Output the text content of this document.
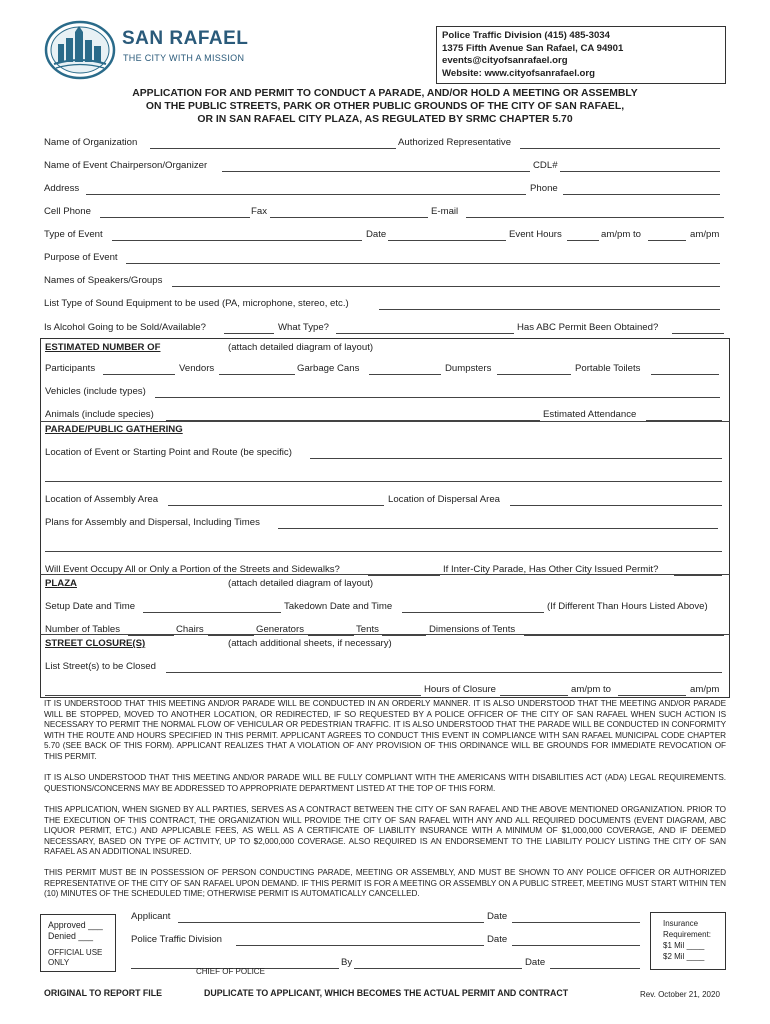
SAN RAFAEL
THE CITY WITH A MISSION
Police Traffic Division (415) 485-3034
1375 Fifth Avenue San Rafael, CA 94901
events@cityofsanrafael.org
Website: www.cityofsanrafael.org
APPLICATION FOR AND PERMIT TO CONDUCT A PARADE, AND/OR HOLD A MEETING OR ASSEMBLY
ON THE PUBLIC STREETS, PARK OR OTHER PUBLIC GROUNDS OF THE CITY OF SAN RAFAEL,
OR IN SAN RAFAEL CITY PLAZA, AS REGULATED BY SRMC CHAPTER 5.70
Name of Organization	Authorized Representative
Name of Event Chairperson/Organizer	CDL#
Address	Phone
Cell Phone	Fax	E-mail
Type of Event	Date	Event Hours	am/pm to	am/pm
Purpose of Event
Names of Speakers/Groups
List Type of Sound Equipment to be used (PA, microphone, stereo, etc.)
Is Alcohol Going to be Sold/Available?	What Type?	Has ABC Permit Been Obtained?
ESTIMATED NUMBER OF	(attach detailed diagram of layout)
Participants	Vendors	Garbage Cans	Dumpsters	Portable Toilets
Vehicles (include types)
Animals (include species)	Estimated Attendance
PARADE/PUBLIC GATHERING
Location of Event or Starting Point and Route (be specific)
Location of Assembly Area	Location of Dispersal Area
Plans for Assembly and Dispersal, Including Times
Will Event Occupy All or Only a Portion of the Streets and Sidewalks?	If Inter-City Parade, Has Other City Issued Permit?
PLAZA	(attach detailed diagram of layout)
Setup Date and Time	Takedown Date and Time	(If Different Than Hours Listed Above)
Number of Tables	Chairs	Generators	Tents	Dimensions of Tents
STREET CLOSURE(S)	(attach additional sheets, if necessary)
List Street(s) to be Closed
Hours of Closure	am/pm to	am/pm
IT IS UNDERSTOOD THAT THIS MEETING AND/OR PARADE WILL BE CONDUCTED IN AN ORDERLY MANNER. IT IS ALSO UNDERSTOOD THAT THE MEETING AND/OR PARADE WILL BE STOPPED, MOVED TO ANOTHER LOCATION, OR REDIRECTED, IF SO REQUESTED BY A POLICE OFFICER OF THE CITY OF SAN RAFAEL WHEN SUCH ACTION IS NECESSARY TO PERMIT THE NORMAL FLOW OF VEHICULAR OR PEDESTRIAN TRAFFIC. IT IS ALSO UNDERSTOOD THAT THE PARADE WILL BE CONDUCTED IN CONFORMITY WITH THE ROUTE AND HOURS SPECIFIED IN THIS PERMIT. APPLICANT AGREES TO CONDUCT THIS EVENT IN COMPLIANCE WITH SAN RAFAEL MUNICIPAL CODE CHAPTER 5.70 (SEE BACK OF THIS FORM). APPLICANT REALIZES THAT A VIOLATION OF ANY PROVISION OF THIS ORDINANCE WILL BE GROUNDS FOR IMMEDIATE REVOCATION OF THIS PERMIT.
IT IS ALSO UNDERSTOOD THAT THIS MEETING AND/OR PARADE WILL BE FULLY COMPLIANT WITH THE AMERICANS WITH DISABILITIES ACT (ADA) LEGAL REQUIREMENTS. QUESTIONS/CONCERNS MAY BE ADDRESSED TO APPROPRIATE DEPARTMENT LISTED AT THE TOP OF THIS FORM.
THIS APPLICATION, WHEN SIGNED BY ALL PARTIES, SERVES AS A CONTRACT BETWEEN THE CITY OF SAN RAFAEL AND THE ABOVE MENTIONED ORGANIZATION. PRIOR TO THE EXECUTION OF THIS CONTRACT, THE ORGANIZATION WILL PROVIDE THE CITY OF SAN RAFAEL WITH ANY AND ALL REQUIRED DOCUMENTS (EVENT DIAGRAM, ABC LIQUOR PERMIT, ETC.) AND APPLICABLE FEES, AS WELL AS A CERTIFICATE OF LIABILITY INSURANCE WITH A MINIMUM OF $1,000,000 COVERAGE, AND IF DEEMED NECESSARY, BASED ON TYPE OF ACTIVITY, UP TO $2,000,000 COVERAGE. ALSO REQUIRED IS AN ENDORSEMENT TO THE LIABILITY POLICY LISTING THE CITY OF SAN RAFAEL AS AN ADDITIONAL INSURED.
THIS PERMIT MUST BE IN POSSESSION OF PERSON CONDUCTING PARADE, MEETING OR ASSEMBLY, AND MUST BE SHOWN TO ANY POLICE OFFICER OR AUTHORIZED REPRESENTATIVE OF THE CITY OF SAN RAFAEL UPON DEMAND. IF THIS PERMIT IS FOR A MEETING OR ASSEMBLY ON A PUBLIC STREET, MEETING MUST START WITHIN TEN (10) MINUTES OF THE SCHEDULED TIME; OTHERWISE PERMIT IS AUTOMATICALLY CANCELLED.
Approved ___
Denied ___
OFFICIAL USE
ONLY
Applicant	Date
Police Traffic Division	Date
By	Date
CHIEF OF POLICE
Insurance
Requirement:
$1 Mil ____
$2 Mil ____
ORIGINAL TO REPORT FILE	DUPLICATE TO APPLICANT, WHICH BECOMES THE ACTUAL PERMIT AND CONTRACT	Rev. October 21, 2020
